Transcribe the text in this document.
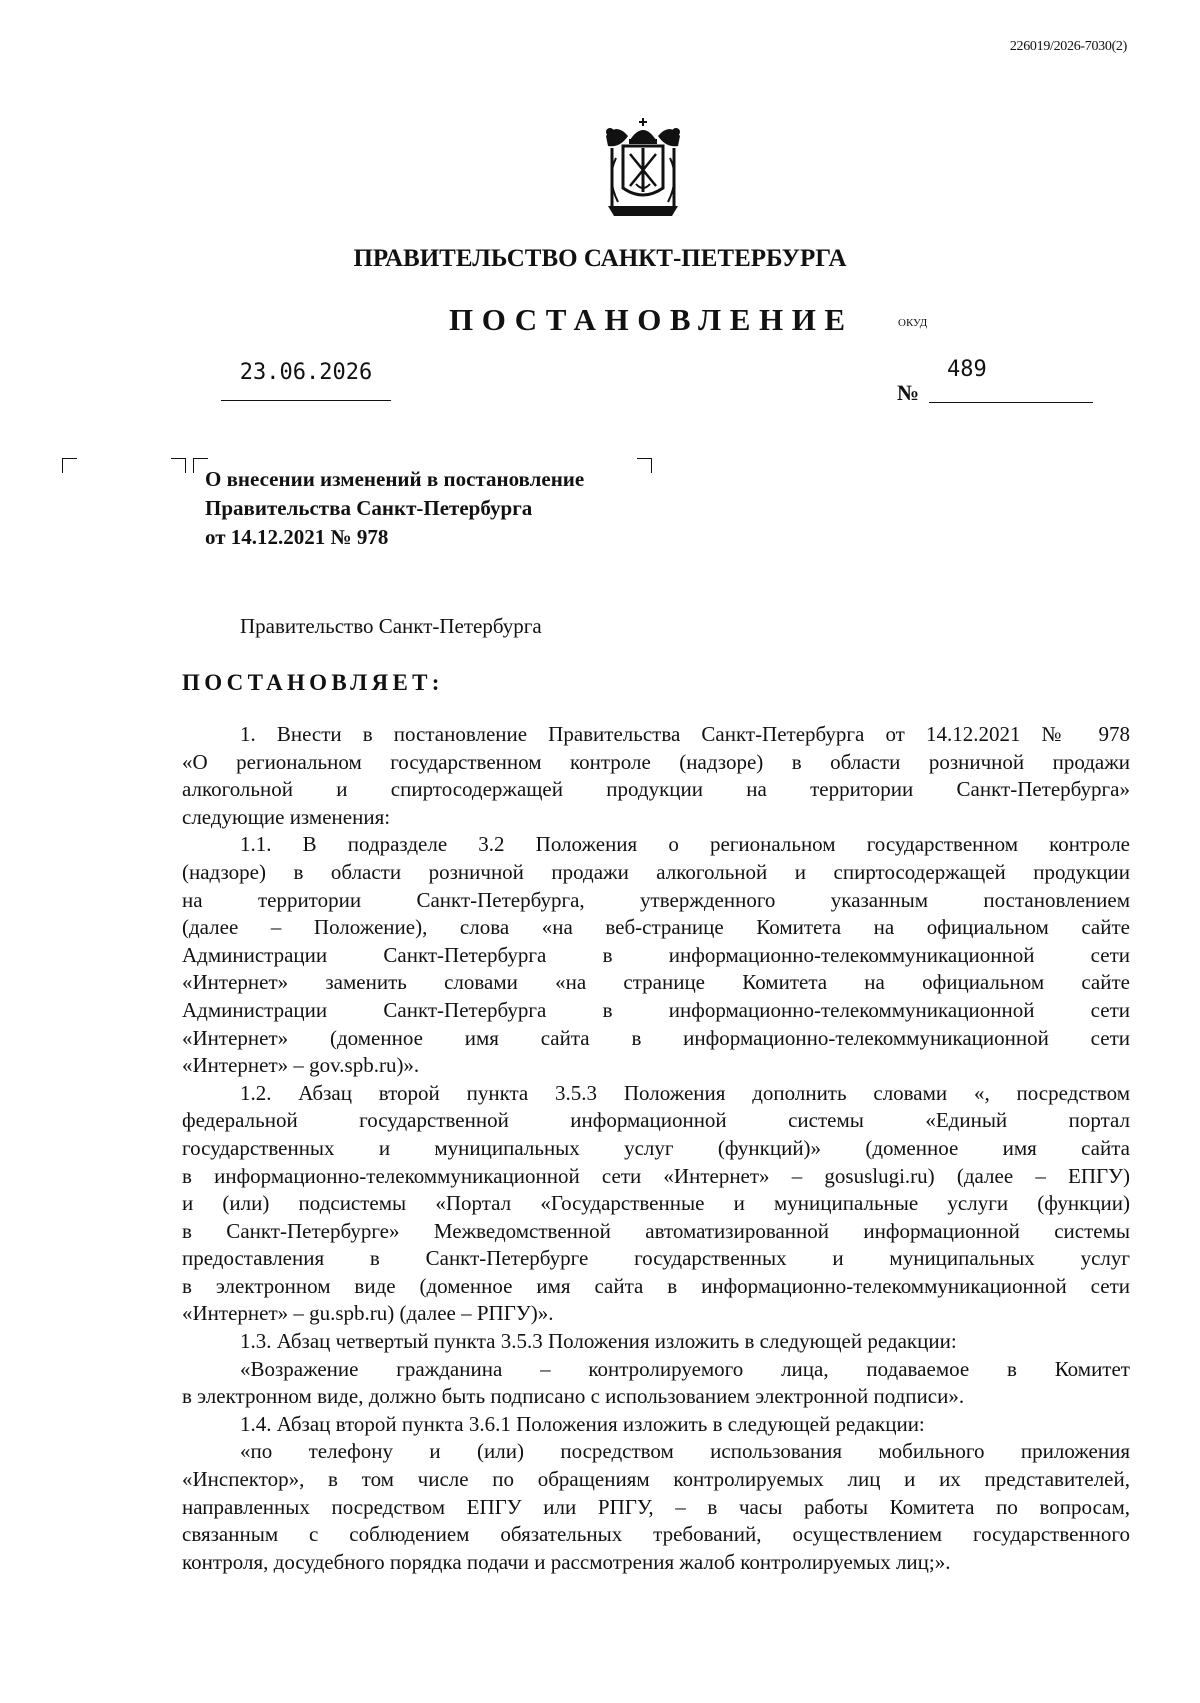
226019/2026-7030(2)
ПРАВИТЕЛЬСТВО САНКТ-ПЕТЕРБУРГА
ПОСТАНОВЛЕНИЕ	ОКУД
23.06.2026	489
№
О внесении изменений в постановление
Правительства Санкт-Петербурга
от 14.12.2021 № 978
Правительство Санкт-Петербурга
ПОСТАНОВЛЯЕТ:
1. Внести в постановление Правительства Санкт-Петербурга от 14.12.2021 № 978
«О региональном государственном контроле (надзоре) в области розничной продажи
алкогольной и спиртосодержащей продукции на территории Санкт-Петербурга»
следующие изменения:
1.1. В подразделе 3.2 Положения о региональном государственном контроле
(надзоре) в области розничной продажи алкогольной и спиртосодержащей продукции
на территории Санкт-Петербурга, утвержденного указанным постановлением
(далее – Положение), слова «на веб-странице Комитета на официальном сайте
Администрации Санкт-Петербурга в информационно-телекоммуникационной сети
«Интернет» заменить словами «на странице Комитета на официальном сайте
Администрации Санкт-Петербурга в информационно-телекоммуникационной сети
«Интернет» (доменное имя сайта в информационно-телекоммуникационной сети
«Интернет» – gov.spb.ru)».
1.2. Абзац второй пункта 3.5.3 Положения дополнить словами «, посредством
федеральной государственной информационной системы «Единый портал
государственных и муниципальных услуг (функций)» (доменное имя сайта
в информационно-телекоммуникационной сети «Интернет» – gosuslugi.ru) (далее – ЕПГУ)
и (или) подсистемы «Портал «Государственные и муниципальные услуги (функции)
в Санкт-Петербурге» Межведомственной автоматизированной информационной системы
предоставления в Санкт-Петербурге государственных и муниципальных услуг
в электронном виде (доменное имя сайта в информационно-телекоммуникационной сети
«Интернет» – gu.spb.ru) (далее – РПГУ)».
1.3. Абзац четвертый пункта 3.5.3 Положения изложить в следующей редакции:
«Возражение гражданина – контролируемого лица, подаваемое в Комитет
в электронном виде, должно быть подписано с использованием электронной подписи».
1.4. Абзац второй пункта 3.6.1 Положения изложить в следующей редакции:
«по телефону и (или) посредством использования мобильного приложения
«Инспектор», в том числе по обращениям контролируемых лиц и их представителей,
направленных посредством ЕПГУ или РПГУ, – в часы работы Комитета по вопросам,
связанным с соблюдением обязательных требований, осуществлением государственного
контроля, досудебного порядка подачи и рассмотрения жалоб контролируемых лиц;».
